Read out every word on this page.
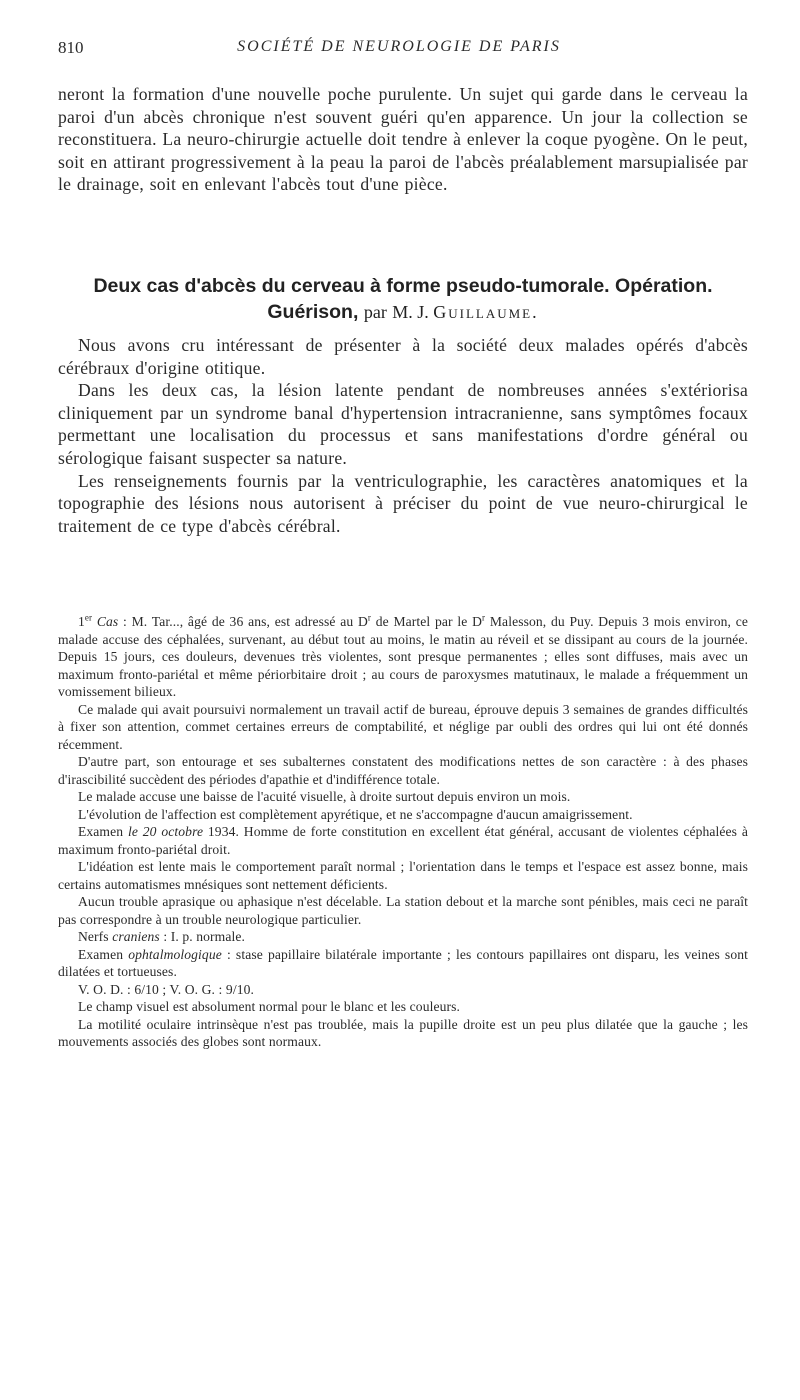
810	SOCIÉTÉ DE NEUROLOGIE DE PARIS

neront la formation d'une nouvelle poche purulente. Un sujet qui garde dans le cerveau la paroi d'un abcès chronique n'est souvent guéri qu'en apparence. Un jour la collection se reconstituera. La neuro-chirurgie actuelle doit tendre à enlever la coque pyogène. On le peut, soit en attirant progressivement à la peau la paroi de l'abcès préalablement marsupialisée par le drainage, soit en enlevant l'abcès tout d'une pièce.

Deux cas d'abcès du cerveau à forme pseudo-tumorale. Opération. Guérison, par M. J. Guillaume.

Nous avons cru intéressant de présenter à la société deux malades opérés d'abcès cérébraux d'origine otitique.

Dans les deux cas, la lésion latente pendant de nombreuses années s'extériorisa cliniquement par un syndrome banal d'hypertension intracranienne, sans symptômes focaux permettant une localisation du processus et sans manifestations d'ordre général ou sérologique faisant suspecter sa nature.

Les renseignements fournis par la ventriculographie, les caractères anatomiques et la topographie des lésions nous autorisent à préciser du point de vue neuro-chirurgical le traitement de ce type d'abcès cérébral.

1er Cas : M. Tar..., âgé de 36 ans, est adressé au $D^r$ de Martel par le $D^r$ Malesson, du Puy. Depuis 3 mois environ, ce malade accuse des céphalées, survenant, au début tout au moins, le matin au réveil et se dissipant au cours de la journée. Depuis 15 jours, ces douleurs, devenues très violentes, sont presque permanentes ; elles sont diffuses, mais avec un maximum fronto-pariétal et même périorbitaire droit ; au cours de paroxysmes matutinaux, le malade a fréquemment un vomissement bilieux.

Ce malade qui avait poursuivi normalement un travail actif de bureau, éprouve depuis 3 semaines de grandes difficultés à fixer son attention, commet certaines erreurs de comptabilité, et néglige par oubli des ordres qui lui ont été donnés récemment.

D'autre part, son entourage et ses subalternes constatent des modifications nettes de son caractère : à des phases d'irascibilité succèdent des périodes d'apathie et d'indifférence totale.

Le malade accuse une baisse de l'acuité visuelle, à droite surtout depuis environ un mois.

L'évolution de l'affection est complètement apyrétique, et ne s'accompagne d'aucun amaigrissement.

Examen le 20 octobre 1934. Homme de forte constitution en excellent état général, accusant de violentes céphalées à maximum fronto-pariétal droit.

L'idéation est lente mais le comportement paraît normal ; l'orientation dans le temps et l'espace est assez bonne, mais certains automatismes mnésiques sont nettement déficients.

Aucun trouble aprasique ou aphasique n'est décelable. La station debout et la marche sont pénibles, mais ceci ne paraît pas correspondre à un trouble neurologique particulier.

Nerfs craniens : I. p. normale.

Examen ophtalmologique : stase papillaire bilatérale importante ; les contours papillaires ont disparu, les veines sont dilatées et tortueuses.

V. O. D. : 6/10 ; V. O. G. : 9/10.

Le champ visuel est absolument normal pour le blanc et les couleurs.

La motilité oculaire intrinsèque n'est pas troublée, mais la pupille droite est un peu plus dilatée que la gauche ; les mouvements associés des globes sont normaux.
